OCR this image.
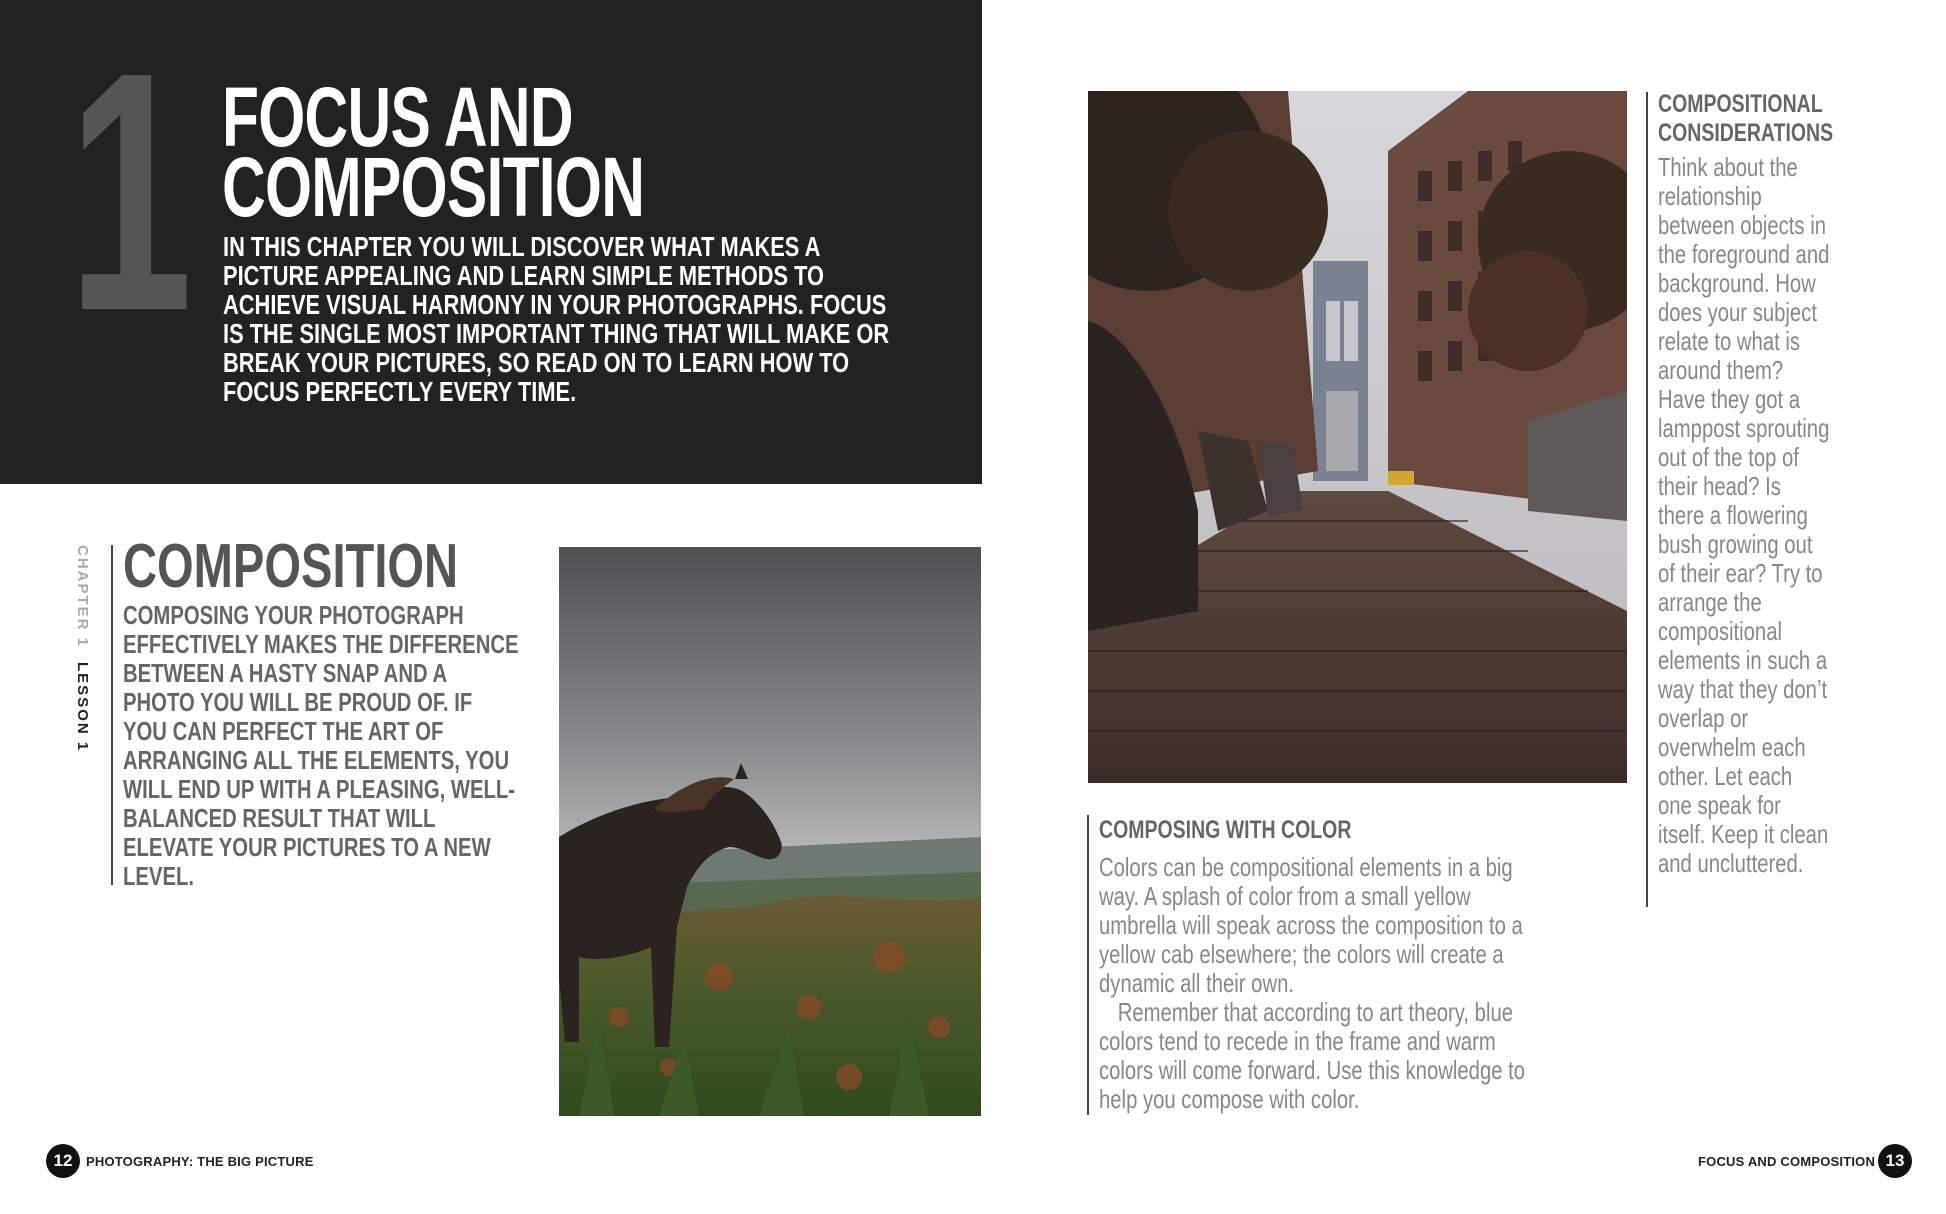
1 FOCUS AND
COMPOSITION
IN THIS CHAPTER YOU WILL DISCOVER WHAT MAKES A PICTURE APPEALING AND LEARN SIMPLE METHODS TO ACHIEVE VISUAL HARMONY IN YOUR PHOTOGRAPHS. FOCUS IS THE SINGLE MOST IMPORTANT THING THAT WILL MAKE OR BREAK YOUR PICTURES, SO READ ON TO LEARN HOW TO FOCUS PERFECTLY EVERY TIME.
CHAPTER 1LESSON 1
COMPOSITION
COMPOSING YOUR PHOTOGRAPH EFFECTIVELY MAKES THE DIFFERENCE BETWEEN A HASTY SNAP AND A PHOTO YOU WILL BE PROUD OF. IF YOU CAN PERFECT THE ART OF ARRANGING ALL THE ELEMENTS, YOU WILL END UP WITH A PLEASING, WELL-BALANCED RESULT THAT WILL ELEVATE YOUR PICTURES TO A NEW LEVEL.
COMPOSING WITH COLOR

Colors can be compositional elements in a big way. A splash of color from a small yellow umbrella will speak across the composition to a yellow cab elsewhere; the colors will create a dynamic all their own.

Remember that according to art theory, blue colors tend to recede in the frame and warm colors will come forward. Use this knowledge to help you compose with color.

COMPOSITIONAL
CONSIDERATIONS
Think about the relationship between objects in the foreground and background. How does your subject relate to what is around them? Have they got a lamppost sprouting out of the top of their head? Is there a flowering bush growing out of their ear? Try to arrange the compositional elements in such a way that they don’t overlap or overwhelm each other. Let each one speak for itself. Keep it clean and uncluttered.
12	PHOTOGRAPHY: THE BIG PICTURE	FOCUS AND COMPOSITION 13
